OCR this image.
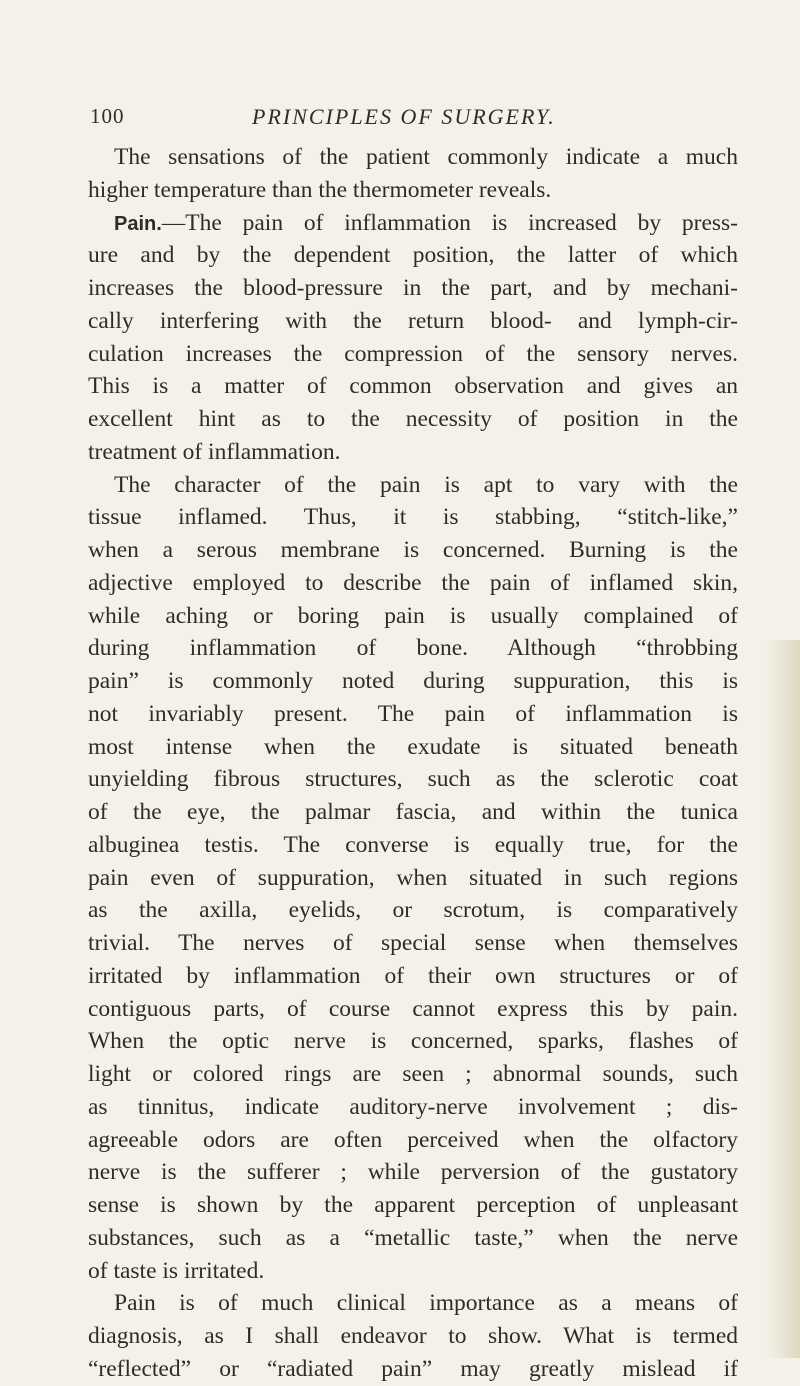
100	PRINCIPLES OF SURGERY.
The sensations of the patient commonly indicate a much
higher temperature than the thermometer reveals.
Pain.—The pain of inflammation is increased by press-
ure and by the dependent position, the latter of which
increases the blood-pressure in the part, and by mechani-
cally interfering with the return blood- and lymph-cir-
culation increases the compression of the sensory nerves.
This is a matter of common observation and gives an
excellent hint as to the necessity of position in the
treatment of inflammation.
The character of the pain is apt to vary with the
tissue inflamed. Thus, it is stabbing, “stitch-like,”
when a serous membrane is concerned. Burning is the
adjective employed to describe the pain of inflamed skin,
while aching or boring pain is usually complained of
during inflammation of bone. Although “throbbing
pain” is commonly noted during suppuration, this is
not invariably present. The pain of inflammation is
most intense when the exudate is situated beneath
unyielding fibrous structures, such as the sclerotic coat
of the eye, the palmar fascia, and within the tunica
albuginea testis. The converse is equally true, for the
pain even of suppuration, when situated in such regions
as the axilla, eyelids, or scrotum, is comparatively
trivial. The nerves of special sense when themselves
irritated by inflammation of their own structures or of
contiguous parts, of course cannot express this by pain.
When the optic nerve is concerned, sparks, flashes of
light or colored rings are seen ; abnormal sounds, such
as tinnitus, indicate auditory-nerve involvement ; dis-
agreeable odors are often perceived when the olfactory
nerve is the sufferer ; while perversion of the gustatory
sense is shown by the apparent perception of unpleasant
substances, such as a “metallic taste,” when the nerve
of taste is irritated.
Pain is of much clinical importance as a means of
diagnosis, as I shall endeavor to show. What is termed
“reflected” or “radiated pain” may greatly mislead if
